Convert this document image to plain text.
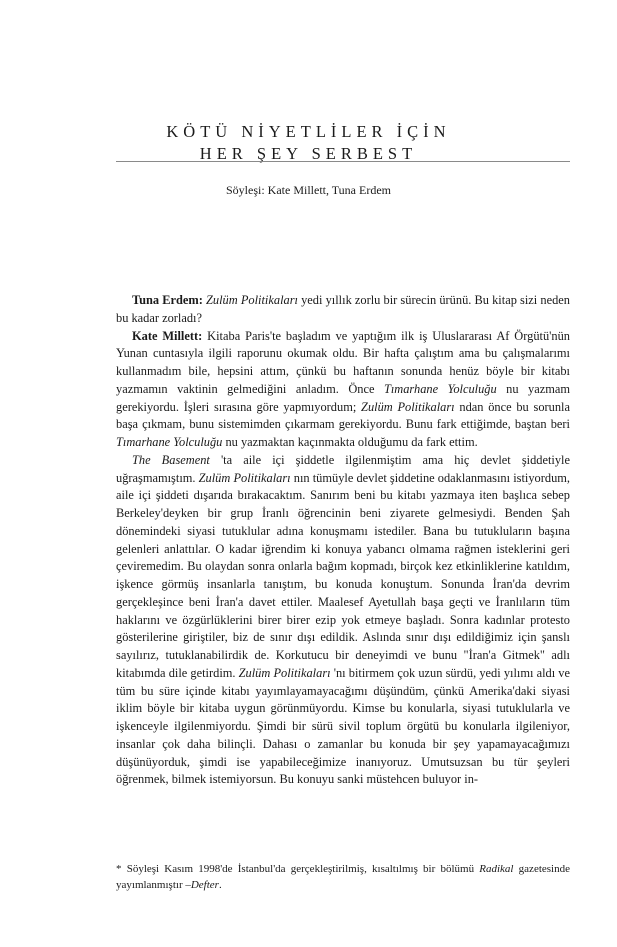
KÖTÜ NİYETLİLER İÇİN
HER ŞEY SERBEST
Söyleşi: Kate Millett, Tuna Erdem

Tuna Erdem: Zulüm Politikaları yedi yıllık zorlu bir sürecin ürünü. Bu kitap sizi neden bu kadar zorladı?

Kate Millett: Kitaba Paris'te başladım ve yaptığım ilk iş Uluslararası Af Örgütü'nün Yunan cuntasıyla ilgili raporunu okumak oldu. Bir hafta çalıştım ama bu çalışmalarımı kullanmadım bile, hepsini attım, çünkü bu haftanın sonunda henüz böyle bir kitabı yazmamın vaktinin gelmediğini anladım. Önce Tımarhane Yolculuğu nu yazmam gerekiyordu. İşleri sırasına göre yapmıyordum; Zulüm Politikaları ndan önce bu sorunla başa çıkmam, bunu sistemimden çıkarmam gerekiyordu. Bunu fark ettiğimde, baştan beri Tımarhane Yolculuğu nu yazmaktan kaçınmakta olduğumu da fark ettim.

The Basement 'ta aile içi şiddetle ilgilenmiştim ama hiç devlet şiddetiyle uğraşmamıştım. Zulüm Politikaları nın tümüyle devlet şiddetine odaklanmasını istiyordum, aile içi şiddeti dışarıda bırakacaktım. Sanırım beni bu kitabı yazmaya iten başlıca sebep Berkeley'deyken bir grup İranlı öğrencinin beni ziyarete gelmesiydi. Benden Şah dönemindeki siyasi tutuklular adına konuşmamı istediler. Bana bu tutukluların başına gelenleri anlattılar. O kadar iğrendim ki konuya yabancı olmama rağmen isteklerini geri çeviremedim. Bu olaydan sonra onlarla bağım kopmadı, birçok kez etkinliklerine katıldım, işkence görmüş insanlarla tanıştım, bu konuda konuştum. Sonunda İran'da devrim gerçekleşince beni İran'a davet ettiler. Maalesef Ayetullah başa geçti ve İranlıların tüm haklarını ve özgürlüklerini birer birer ezip yok etmeye başladı. Sonra kadınlar protesto gösterilerine giriştiler, biz de sınır dışı edildik. Aslında sınır dışı edildiğimiz için şanslı sayılırız, tutuklanabilirdik de. Korkutucu bir deneyimdi ve bunu "İran'a Gitmek" adlı kitabımda dile getirdim. Zulüm Politikaları 'nı bitirmem çok uzun sürdü, yedi yılımı aldı ve tüm bu süre içinde kitabı yayımlayamayacağımı düşündüm, çünkü Amerika'daki siyasi iklim böyle bir kitaba uygun görünmüyordu. Kimse bu konularla, siyasi tutuklularla ve işkenceyle ilgilenmiyordu. Şimdi bir sürü sivil toplum örgütü bu konularla ilgileniyor, insanlar çok daha bilinçli. Dahası o zamanlar bu konuda bir şey yapamayacağımızı düşünüyorduk, şimdi ise yapabileceğimize inanıyoruz. Umutsuzsan bu tür şeyleri öğrenmek, bilmek istemiyorsun. Bu konuyu sanki müstehcen buluyor in-

* Söyleşi Kasım 1998'de İstanbul'da gerçekleştirilmiş, kısaltılmış bir bölümü Radikal gazetesinde yayımlanmıştır –Defter.
